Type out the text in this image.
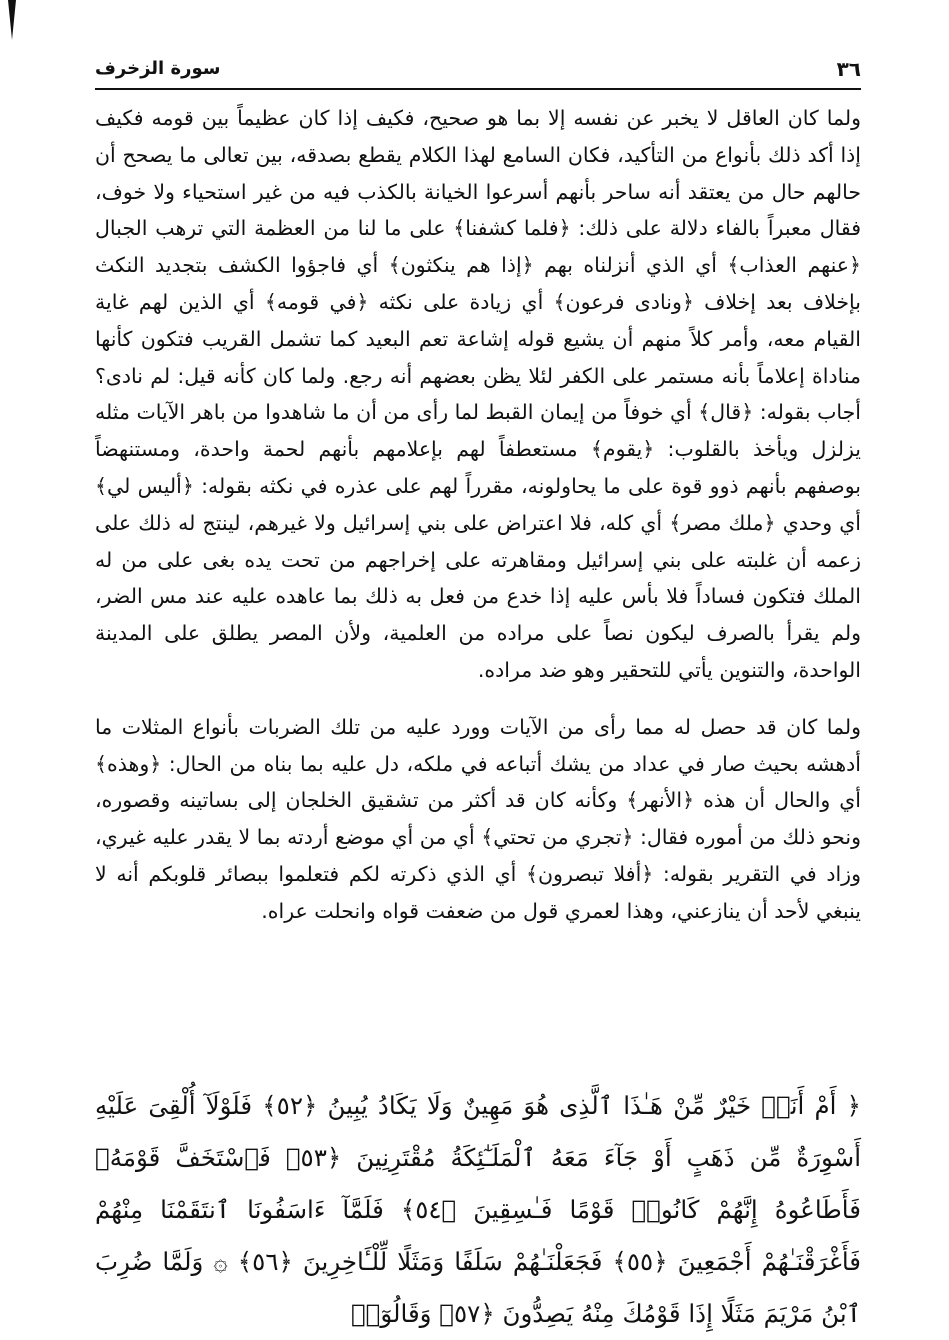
٣٦
سورة الزخرف

ولما كان العاقل لا يخبر عن نفسه إلا بما هو صحيح، فكيف إذا كان عظيماً بين قومه فكيف إذا أكد ذلك بأنواع من التأكيد، فكان السامع لهذا الكلام يقطع بصدقه، بين تعالى ما يصحح أن حالهم حال من يعتقد أنه ساحر بأنهم أسرعوا الخيانة بالكذب فيه من غير استحياء ولا خوف، فقال معبراً بالفاء دلالة على ذلك: ﴿فلما كشفنا﴾ على ما لنا من العظمة التي ترهب الجبال ﴿عنهم العذاب﴾ أي الذي أنزلناه بهم ﴿إذا هم ينكثون﴾ أي فاجؤوا الكشف بتجديد النكث بإخلاف بعد إخلاف ﴿ونادى فرعون﴾ أي زيادة على نكثه ﴿في قومه﴾ أي الذين لهم غاية القيام معه، وأمر كلاً منهم أن يشيع قوله إشاعة تعم البعيد كما تشمل القريب فتكون كأنها مناداة إعلاماً بأنه مستمر على الكفر لئلا يظن بعضهم أنه رجع. ولما كان كأنه قيل: لم نادى؟ أجاب بقوله: ﴿قال﴾ أي خوفاً من إيمان القبط لما رأى من أن ما شاهدوا من باهر الآيات مثله يزلزل ويأخذ بالقلوب: ﴿يقوم﴾ مستعطفاً لهم بإعلامهم بأنهم لحمة واحدة، ومستنهضاً بوصفهم بأنهم ذوو قوة على ما يحاولونه، مقرراً لهم على عذره في نكثه بقوله: ﴿أليس لي﴾ أي وحدي ﴿ملك مصر﴾ أي كله، فلا اعتراض على بني إسرائيل ولا غيرهم، لينتج له ذلك على زعمه أن غلبته على بني إسرائيل ومقاهرته على إخراجهم من تحت يده بغى على من له الملك فتكون فساداً فلا بأس عليه إذا خدع من فعل به ذلك بما عاهده عليه عند مس الضر، ولم يقرأ بالصرف ليكون نصاً على مراده من العلمية، ولأن المصر يطلق على المدينة الواحدة، والتنوين يأتي للتحقير وهو ضد مراده.

ولما كان قد حصل له مما رأى من الآيات وورد عليه من تلك الضربات بأنواع المثلات ما أدهشه بحيث صار في عداد من يشك أتباعه في ملكه، دل عليه بما بناه من الحال: ﴿وهذه﴾ أي والحال أن هذه ﴿الأنهر﴾ وكأنه كان قد أكثر من تشقيق الخلجان إلى بساتينه وقصوره، ونحو ذلك من أموره فقال: ﴿تجري من تحتي﴾ أي من أي موضع أردته بما لا يقدر عليه غيري، وزاد في التقرير بقوله: ﴿أفلا تبصرون﴾ أي الذي ذكرته لكم فتعلموا ببصائر قلوبكم أنه لا ينبغي لأحد أن ينازعني، وهذا لعمري قول من ضعفت قواه وانحلت عراه.

﴿ أَمْ أَنَا۠ خَيْرٌ مِّنْ هَـٰذَا ٱلَّذِى هُوَ مَهِينٌ وَلَا يَكَادُ يُبِينُ ﴿٥٢﴾ فَلَوْلَآ أُلْقِىَ عَلَيْهِ أَسْوِرَةٌ مِّن ذَهَبٍ أَوْ جَآءَ مَعَهُ ٱلْمَلَـٰٓئِكَةُ مُقْتَرِنِينَ ﴿٥٣﴾ فَٱسْتَخَفَّ قَوْمَهُۥ فَأَطَاعُوهُ إِنَّهُمْ كَانُوا۟ قَوْمًا فَـٰسِقِينَ ﴿٥٤﴾ فَلَمَّآ ءَاسَفُونَا ٱنتَقَمْنَا مِنْهُمْ فَأَغْرَقْنَـٰهُمْ أَجْمَعِينَ ﴿٥٥﴾ فَجَعَلْنَـٰهُمْ سَلَفًا وَمَثَلًا لِّلْـَٔاخِرِينَ ﴿٥٦﴾ ۞ وَلَمَّا ضُرِبَ ٱبْنُ مَرْيَمَ مَثَلًا إِذَا قَوْمُكَ مِنْهُ يَصِدُّونَ ﴿٥٧﴾ وَقَالُوٓا۟
